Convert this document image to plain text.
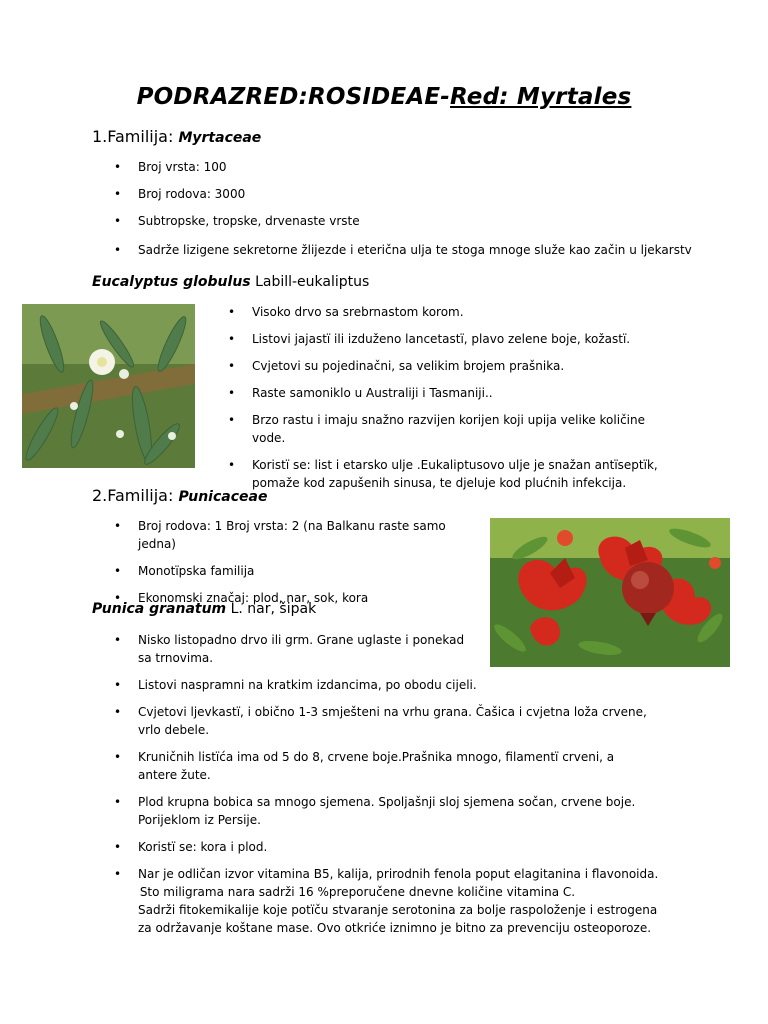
PODRAZRED:ROSIDEAE-Red: Myrtales
1.Familija: Myrtaceae
• Broj vrsta: 100
• Broj rodova: 3000
• Subtropske, tropske, drvenaste vrste
• Sadrže lizigene sekretorne žlijezde i eterična ulja te stoga mnoge služe kao začin u ljekarstv
Eucalyptus globulus Labill-eukaliptus
• Visoko drvo sa srebrnastom korom.
• Listovi jajastï ili izduženo lancetastï, plavo zelene boje, kožastï.
• Cvjetovi su pojedinačni, sa velikim brojem prašnika.
• Raste samoniklo u Australiji i Tasmaniji..
• Brzo rastu i imaju snažno razvijen korijen koji upija velike količine vode.
• Koristï se: list i etarsko ulje .Eukaliptusovo ulje je snažan antïseptïk, pomaže kod zapušenih sinusa, te djeluje kod plućnih infekcija.
2.Familija: Punicaceae
• Broj rodova: 1 Broj vrsta: 2 (na Balkanu raste samo jedna)
• Monotïpska familija
• Ekonomski značaj: plod, nar, sok, kora
Punica granatum L. nar, šipak
• Nisko listopadno drvo ili grm. Grane uglaste i ponekad sa trnovima.
• Listovi naspramni na kratkim izdancima, po obodu cijeli.
• Cvjetovi ljevkastï, i obično 1-3 smješteni na vrhu grana. Čašica i cvjetna loža crvene, vrlo debele.
• Kruničnih listïća ima od 5 do 8, crvene boje.Prašnika mnogo, filamentï crveni, a antere žute.
• Plod krupna bobica sa mnogo sjemena. Spoljašnji sloj sjemena sočan, crvene boje. Porijeklom iz Persije.
• Koristï se: kora i plod.
• Nar je odličan izvor vitamina B5, kalija, prirodnih fenola poput elagitanina i flavonoida.
Sto miligrama nara sadrži 16 %preporučene dnevne količine vitamina C.
Sadrži fitokemikalije koje potïču stvaranje serotonina za bolje raspoloženje i estrogena za održavanje koštane mase. Ovo otkriće iznimno je bitno za prevenciju osteoporoze.
